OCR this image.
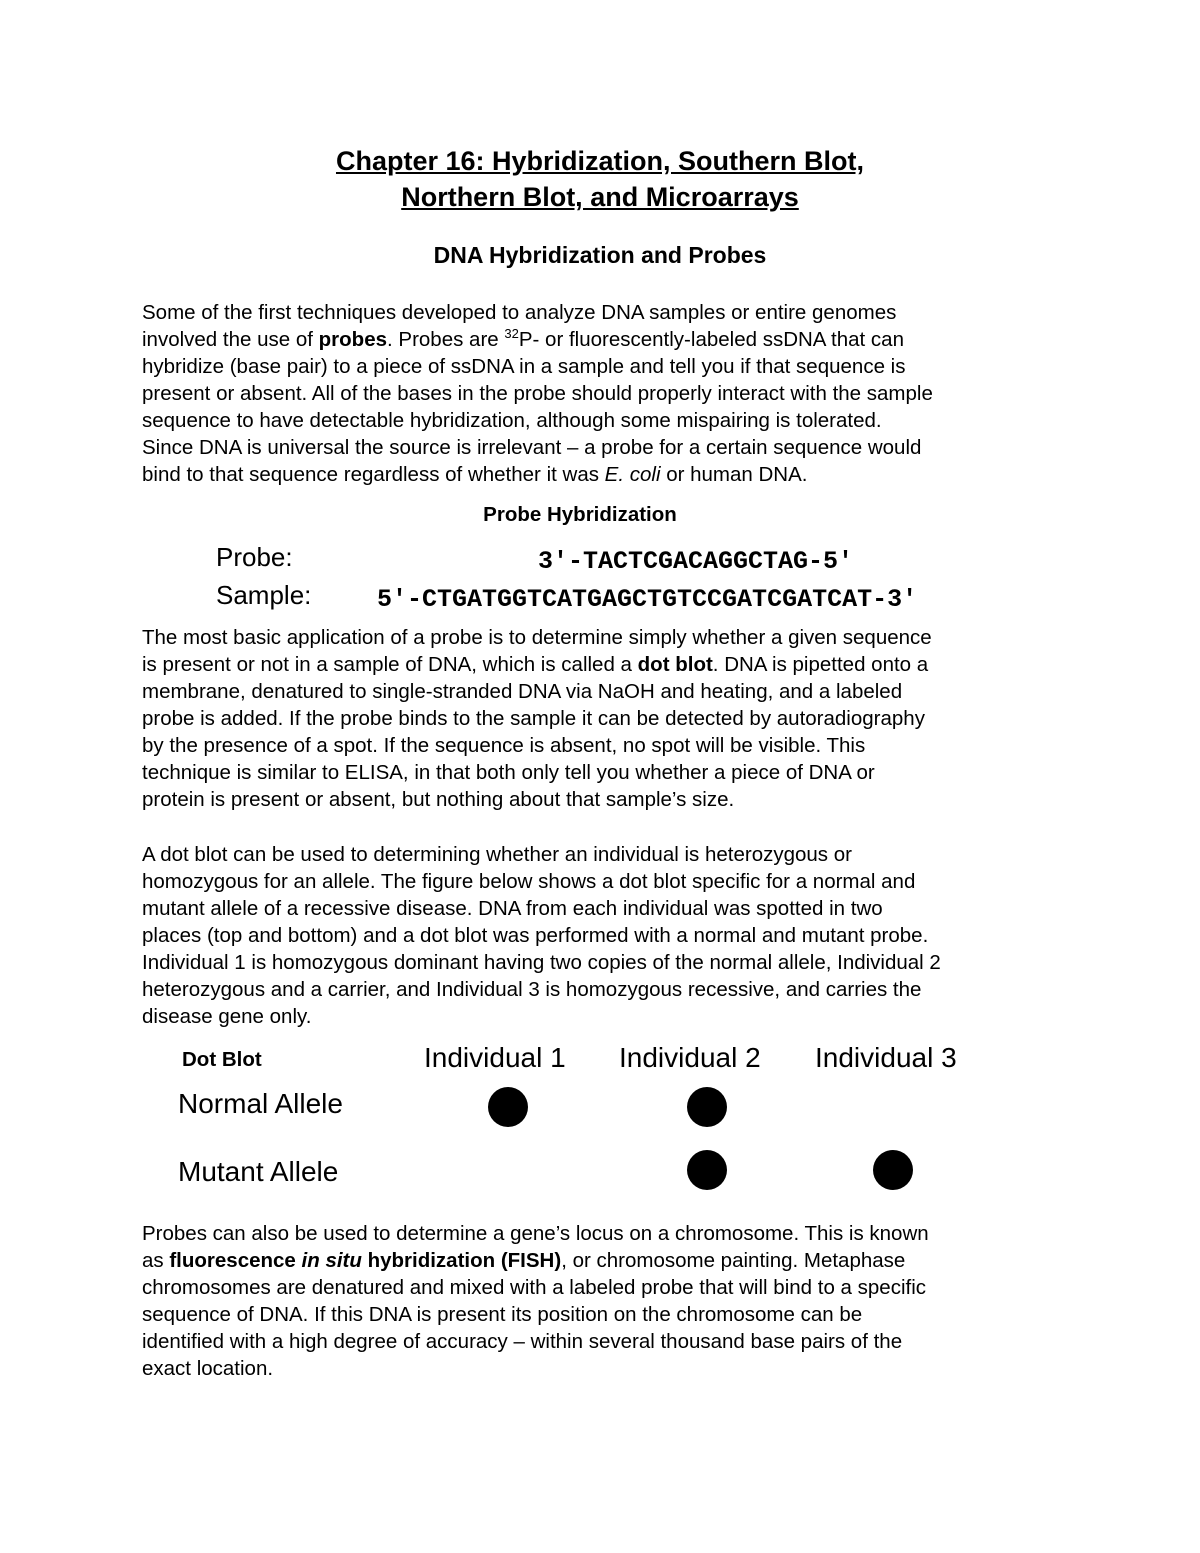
Chapter 16: Hybridization, Southern Blot,
Northern Blot, and Microarrays
DNA Hybridization and Probes
Some of the first techniques developed to analyze DNA samples or entire genomes
involved the use of probes. Probes are $^{32}$P- or fluorescently-labeled ssDNA that can
hybridize (base pair) to a piece of ssDNA in a sample and tell you if that sequence is
present or absent. All of the bases in the probe should properly interact with the sample
sequence to have detectable hybridization, although some mispairing is tolerated.
Since DNA is universal the source is irrelevant – a probe for a certain sequence would
bind to that sequence regardless of whether it was E. coli or human DNA.
Probe Hybridization
Probe:	3′-TACTCGACAGGCTAG-5′
Sample:	5′-CTGATGGTCATGAGCTGTCCGATCGATCAT-3′
The most basic application of a probe is to determine simply whether a given sequence
is present or not in a sample of DNA, which is called a dot blot. DNA is pipetted onto a
membrane, denatured to single-stranded DNA via NaOH and heating, and a labeled
probe is added. If the probe binds to the sample it can be detected by autoradiography
by the presence of a spot. If the sequence is absent, no spot will be visible. This
technique is similar to ELISA, in that both only tell you whether a piece of DNA or
protein is present or absent, but nothing about that sample’s size.
A dot blot can be used to determining whether an individual is heterozygous or
homozygous for an allele. The figure below shows a dot blot specific for a normal and
mutant allele of a recessive disease. DNA from each individual was spotted in two
places (top and bottom) and a dot blot was performed with a normal and mutant probe.
Individual 1 is homozygous dominant having two copies of the normal allele, Individual 2
heterozygous and a carrier, and Individual 3 is homozygous recessive, and carries the
disease gene only.
Dot Blot	Individual 1 Individual 2 Individual 3
Normal Allele
Mutant Allele
Probes can also be used to determine a gene’s locus on a chromosome. This is known
as fluorescence in situ hybridization (FISH), or chromosome painting. Metaphase
chromosomes are denatured and mixed with a labeled probe that will bind to a specific
sequence of DNA. If this DNA is present its position on the chromosome can be
identified with a high degree of accuracy – within several thousand base pairs of the
exact location.
